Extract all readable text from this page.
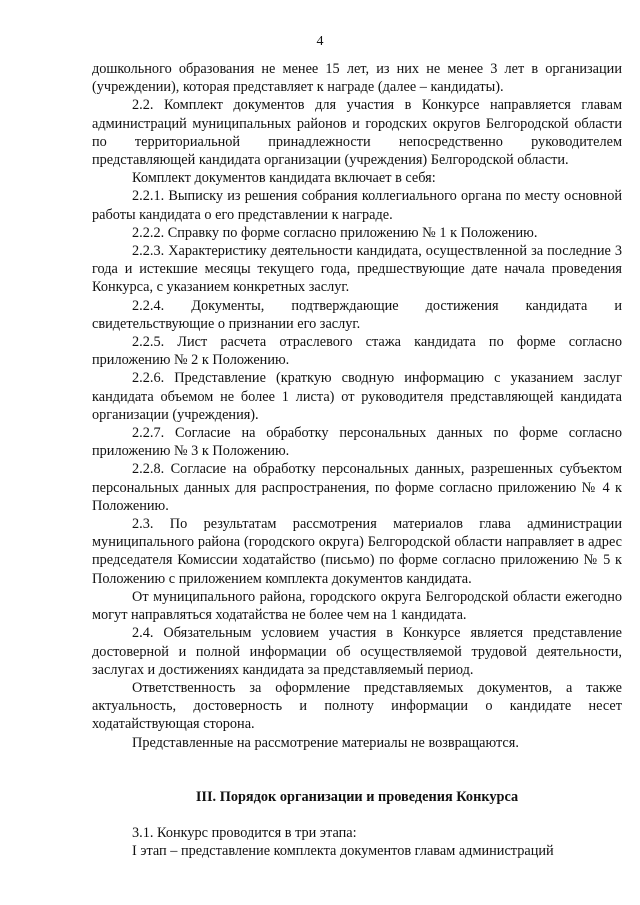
4

дошкольного образования не менее 15 лет, из них не менее 3 лет в организации (учреждении), которая представляет к награде (далее – кандидаты).

2.2. Комплект документов для участия в Конкурсе направляется главам администраций муниципальных районов и городских округов Белгородской области по территориальной принадлежности непосредственно руководителем представляющей кандидата организации (учреждения) Белгородской области.

Комплект документов кандидата включает в себя:

2.2.1. Выписку из решения собрания коллегиального органа по месту основной работы кандидата о его представлении к награде.

2.2.2. Справку по форме согласно приложению № 1 к Положению.

2.2.3. Характеристику деятельности кандидата, осуществленной за последние 3 года и истекшие месяцы текущего года, предшествующие дате начала проведения Конкурса, с указанием конкретных заслуг.

2.2.4. Документы, подтверждающие достижения кандидата и свидетельствующие о признании его заслуг.

2.2.5. Лист расчета отраслевого стажа кандидата по форме согласно приложению № 2 к Положению.

2.2.6. Представление (краткую сводную информацию с указанием заслуг кандидата объемом не более 1 листа) от руководителя представляющей кандидата организации (учреждения).

2.2.7. Согласие на обработку персональных данных по форме согласно приложению № 3 к Положению.

2.2.8. Согласие на обработку персональных данных, разрешенных субъектом персональных данных для распространения, по форме согласно приложению № 4 к Положению.

2.3. По результатам рассмотрения материалов глава администрации муниципального района (городского округа) Белгородской области направляет в адрес председателя Комиссии ходатайство (письмо) по форме согласно приложению № 5 к Положению с приложением комплекта документов кандидата.

От муниципального района, городского округа Белгородской области ежегодно могут направляться ходатайства не более чем на 1 кандидата.

2.4. Обязательным условием участия в Конкурсе является представление достоверной и полной информации об осуществляемой трудовой деятельности, заслугах и достижениях кандидата за представляемый период.

Ответственность за оформление представляемых документов, а также актуальность, достоверность и полноту информации о кандидате несет ходатайствующая сторона.

Представленные на рассмотрение материалы не возвращаются.

III. Порядок организации и проведения Конкурса

3.1. Конкурс проводится в три этапа:

I этап – представление комплекта документов главам администраций
